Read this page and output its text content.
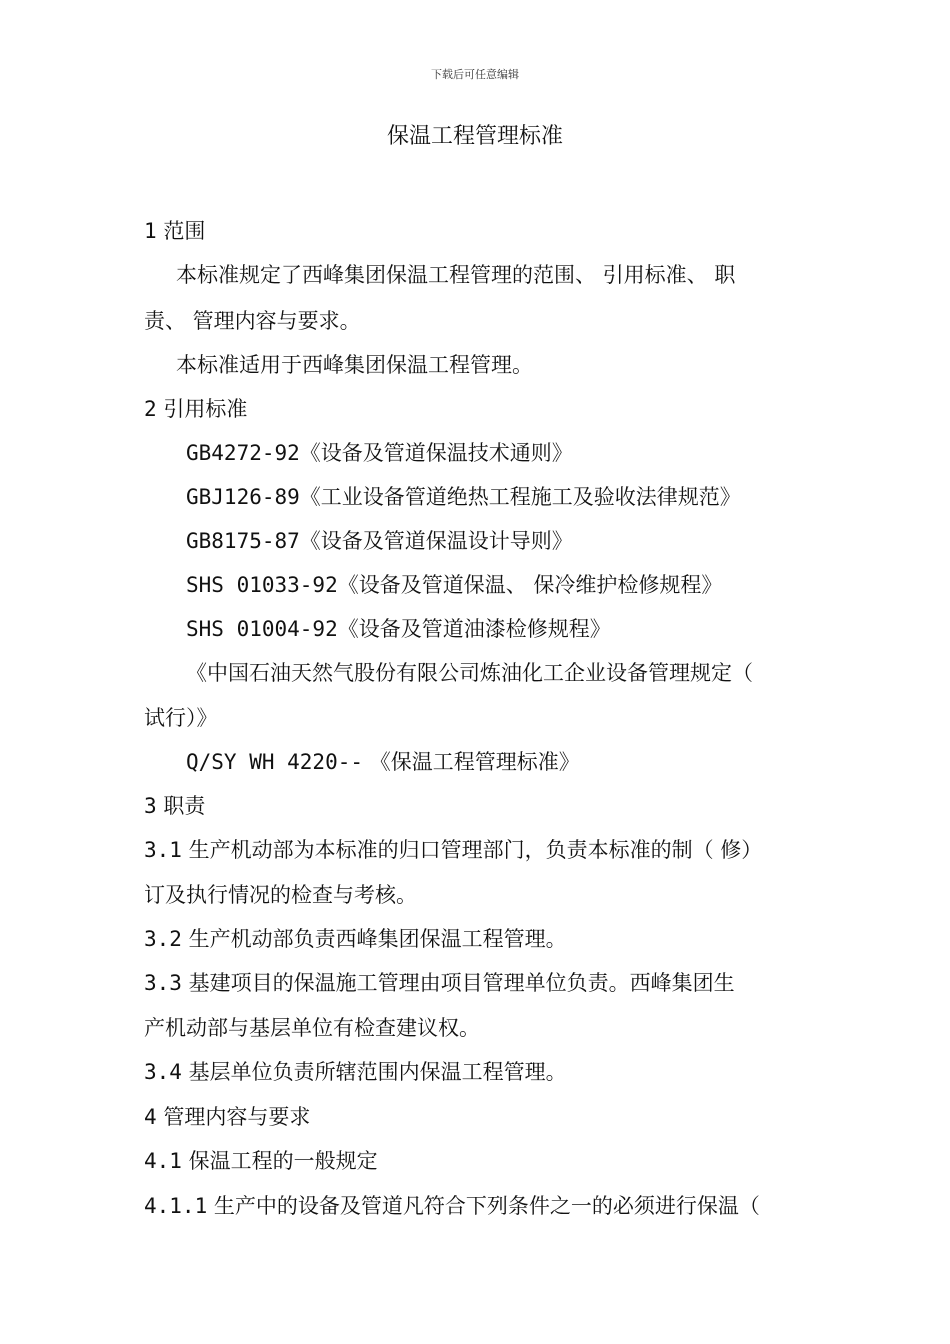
下载后可任意编辑
保温工程管理标准
1 范围
本标准规定了西峰集团保温工程管理的范围、 引用标准、 职
责、 管理内容与要求。
本标准适用于西峰集团保温工程管理。
2 引用标准
GB4272-92《设备及管道保温技术通则》
GBJ126-89《工业设备管道绝热工程施工及验收法律规范》
GB8175-87《设备及管道保温设计导则》
SHS 01033-92《设备及管道保温、 保冷维护检修规程》
SHS 01004-92《设备及管道油漆检修规程》
《中国石油天然气股份有限公司炼油化工企业设备管理规定（
试行）》
Q/SY WH 4220-- 《保温工程管理标准》
3 职责
3.1 生产机动部为本标准的归口管理部门，负责本标准的制（ 修）
订及执行情况的检查与考核。
3.2 生产机动部负责西峰集团保温工程管理。
3.3 基建项目的保温施工管理由项目管理单位负责。西峰集团生
产机动部与基层单位有检查建议权。
3.4 基层单位负责所辖范围内保温工程管理。
4 管理内容与要求
4.1 保温工程的一般规定
4.1.1 生产中的设备及管道凡符合下列条件之一的必须进行保温（
